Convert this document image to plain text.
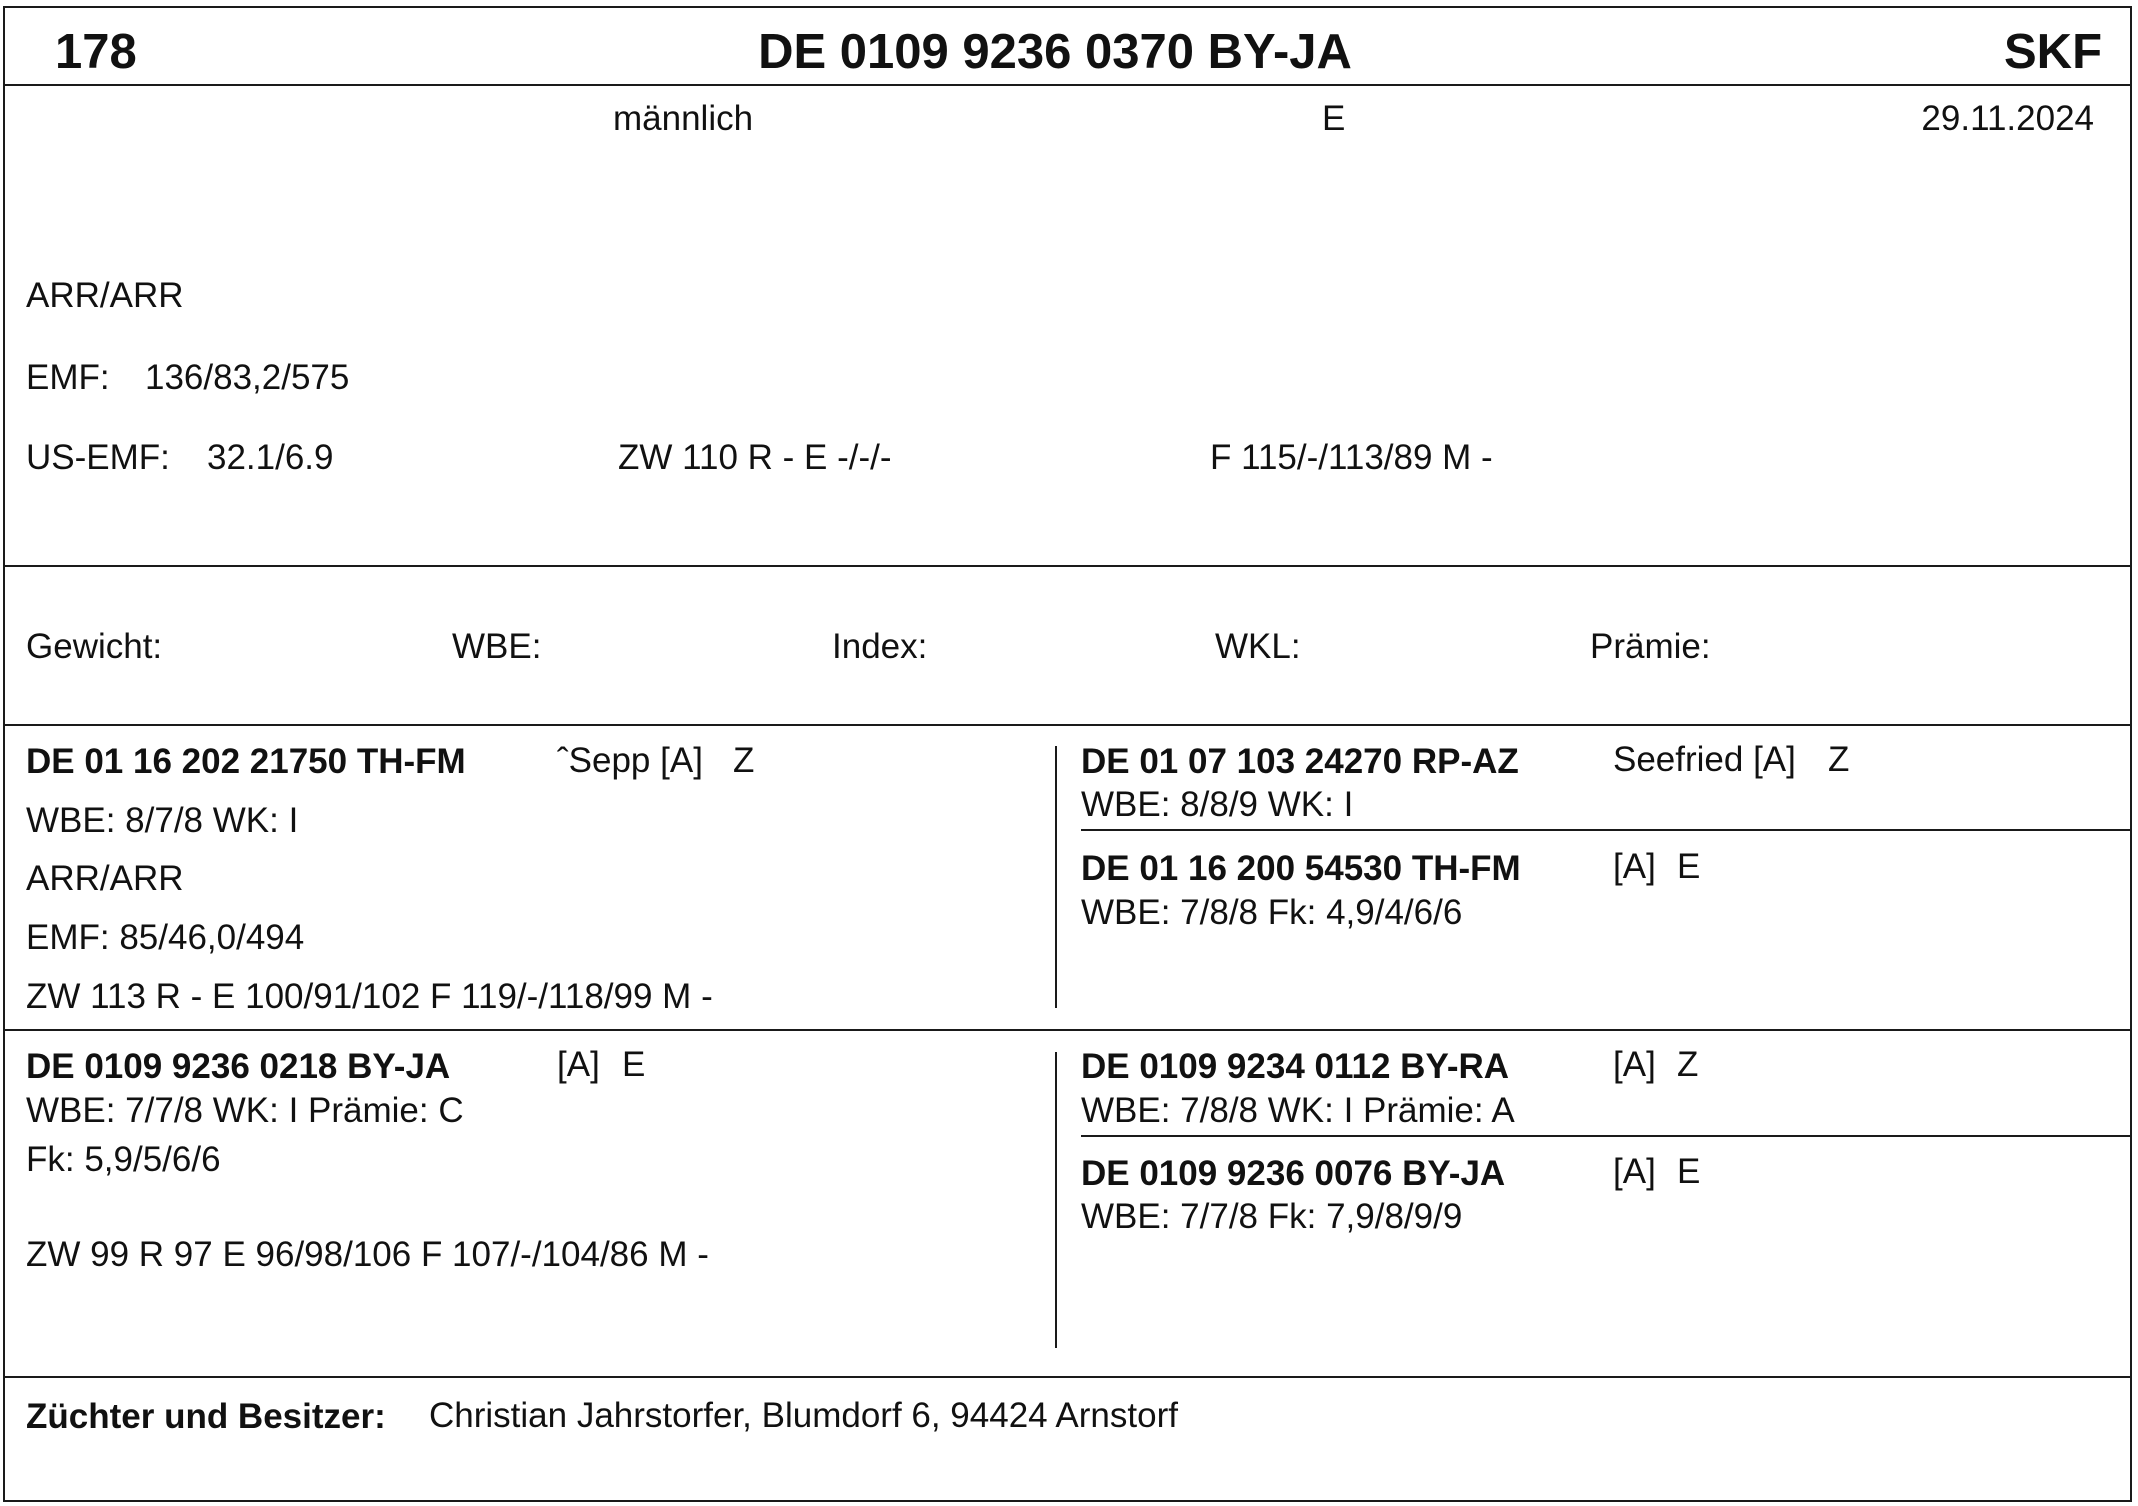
178	DE 0109 9236 0370 BY-JA	SKF
männlich	E	29.11.2024
ARR/ARR
EMF: 136/83,2/575
US-EMF: 32.1/6.9	ZW 110 R - E -/-/-	F 115/-/113/89 M -
Gewicht:	WBE:	Index:	WKL:	Prämie:
DE 01 16 202 21750 TH-FM	ˆSepp [A] Z
WBE: 8/7/8 WK: I
ARR/ARR
EMF: 85/46,0/494
ZW 113 R - E 100/91/102 F 119/-/118/99 M -
DE 01 07 103 24270 RP-AZ	Seefried [A] Z
WBE: 8/8/9 WK: I
DE 01 16 200 54530 TH-FM	[A] E
WBE: 7/8/8 Fk: 4,9/4/6/6
DE 0109 9236 0218 BY-JA	[A] E
WBE: 7/7/8 WK: I Prämie: C
Fk: 5,9/5/6/6
ZW 99 R 97 E 96/98/106 F 107/-/104/86 M -
DE 0109 9234 0112 BY-RA	[A] Z
WBE: 7/8/8 WK: I Prämie: A
DE 0109 9236 0076 BY-JA	[A] E
WBE: 7/7/8 Fk: 7,9/8/9/9
Züchter und Besitzer: Christian Jahrstorfer, Blumdorf 6, 94424 Arnstorf
